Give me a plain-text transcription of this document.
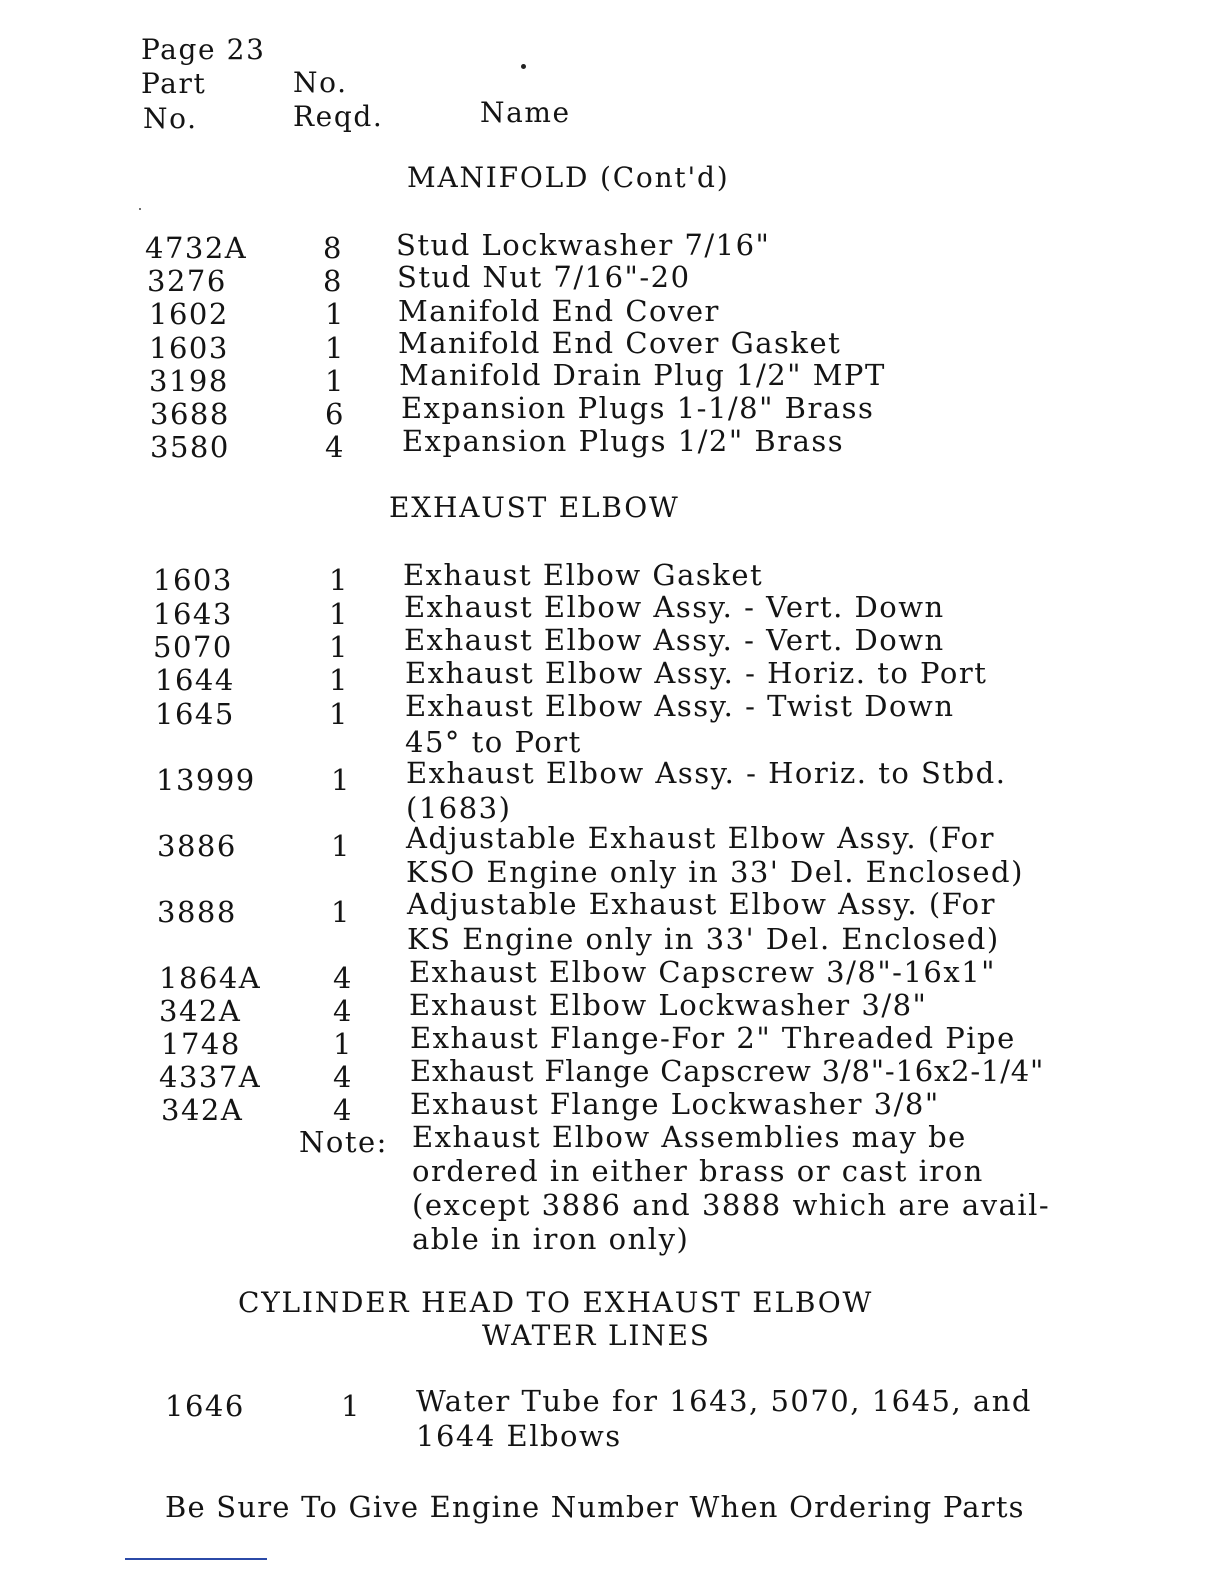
Page 23
Part
No.
No.
Reqd.	Name
MANIFOLD (Cont'd)
4732A	8 Stud Lockwasher 7/16"
3276	8 Stud Nut 7/16"-20
1602	1 Manifold End Cover
1603	1 Manifold End Cover Gasket
3198	1 Manifold Drain Plug 1/2" MPT
3688	6 Expansion Plugs 1-1/8" Brass
3580	4 Expansion Plugs 1/2" Brass
EXHAUST ELBOW
1603	1 Exhaust Elbow Gasket
1643	1 Exhaust Elbow Assy. - Vert. Down
5070	1 Exhaust Elbow Assy. - Vert. Down
1644	1 Exhaust Elbow Assy. - Horiz. to Port
1645	1 Exhaust Elbow Assy. - Twist Down
45° to Port
13999	1 Exhaust Elbow Assy. - Horiz. to Stbd.
(1683)
3886	1 Adjustable Exhaust Elbow Assy. (For
KSO Engine only in 33' Del. Enclosed)
3888	1 Adjustable Exhaust Elbow Assy. (For
KS Engine only in 33' Del. Enclosed)
1864A 4 Exhaust Elbow Capscrew 3/8"-16x1"
342A	4 Exhaust Elbow Lockwasher 3/8"
1748	1 Exhaust Flange-For 2" Threaded Pipe
4337A 4 Exhaust Flange Capscrew 3/8"-16x2-1/4"
342A	4 Exhaust Flange Lockwasher 3/8"
Note: Exhaust Elbow Assemblies may be
ordered in either brass or cast iron
(except 3886 and 3888 which are avail-
able in iron only)
CYLINDER HEAD TO EXHAUST ELBOW
WATER LINES
1646	1 Water Tube for 1643, 5070, 1645, and
1644 Elbows
Be Sure To Give Engine Number When Ordering Parts
